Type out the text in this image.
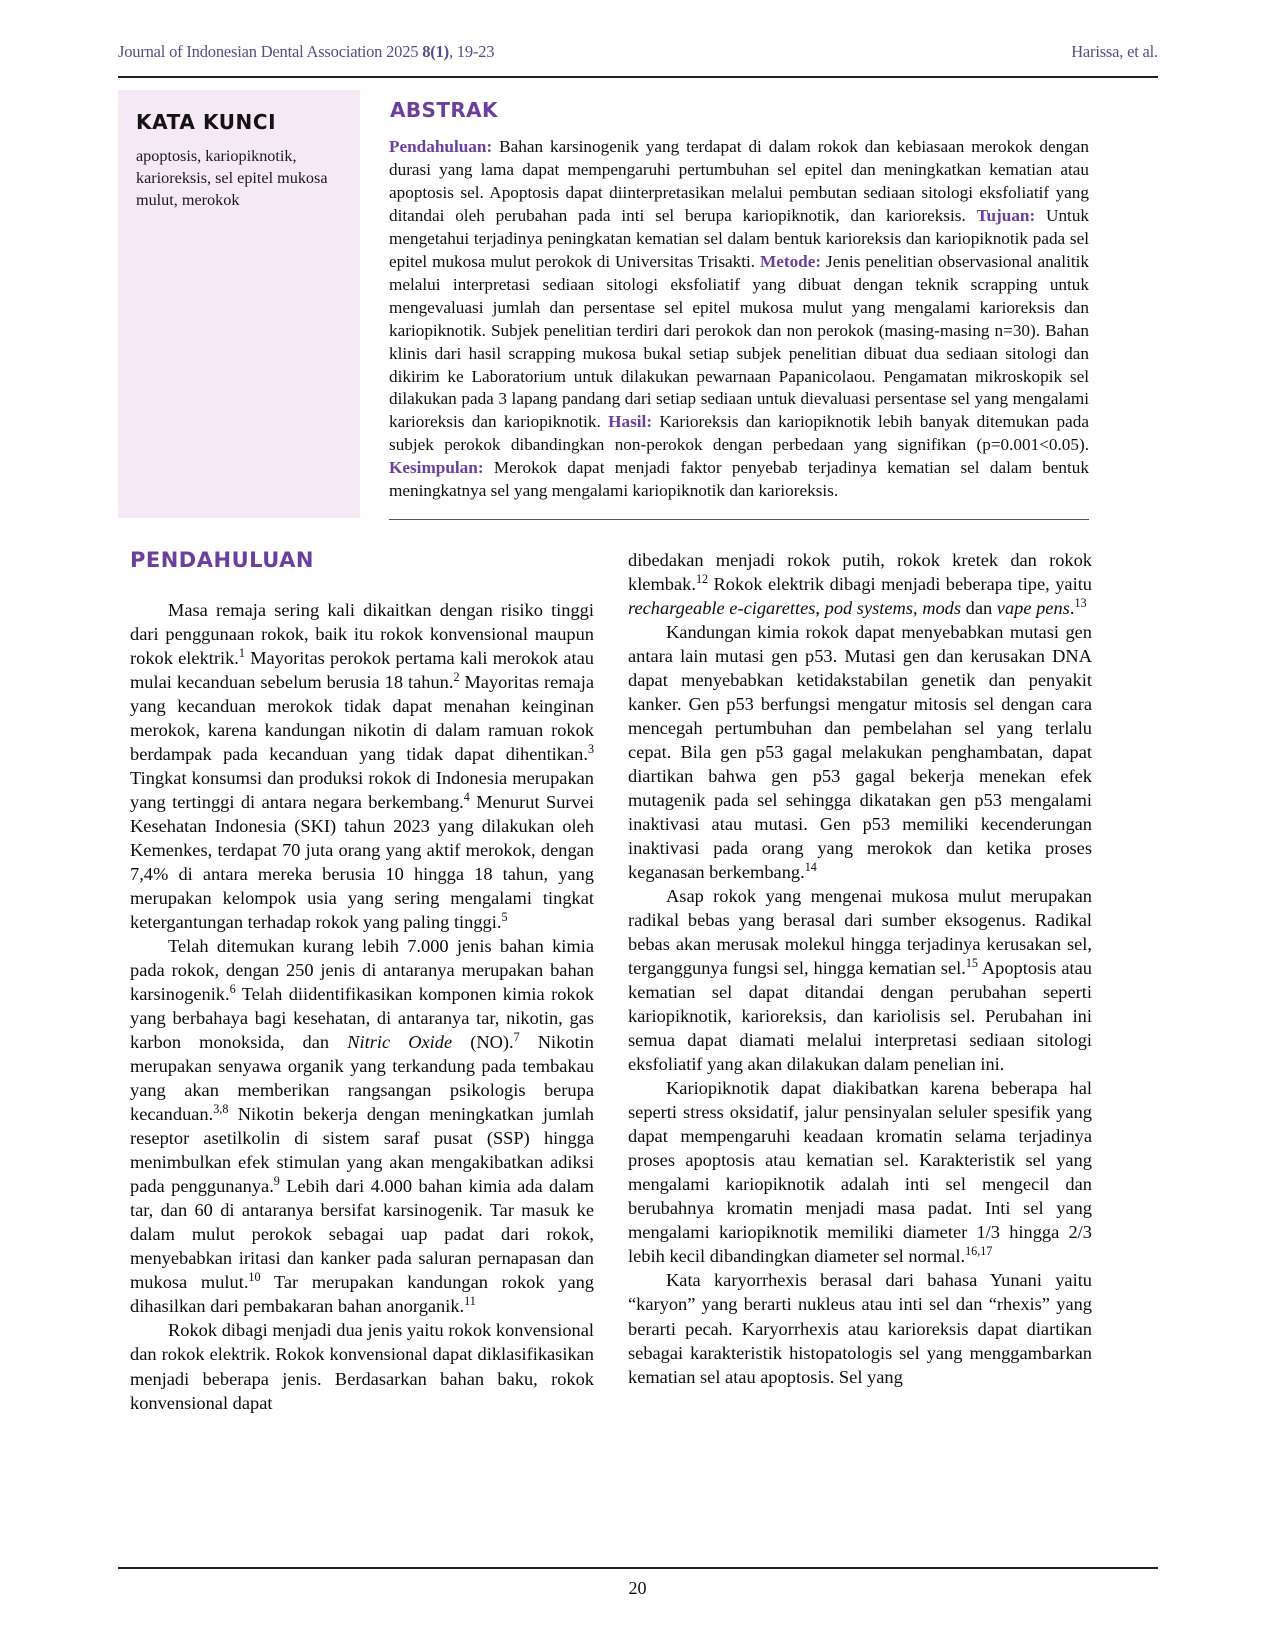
Journal of Indonesian Dental Association 2025 8(1), 19-23	Harissa, et al.
KATA KUNCI
apoptosis, kariopiknotik, karioreksis, sel epitel mukosa mulut, merokok
ABSTRAK
Pendahuluan: Bahan karsinogenik yang terdapat di dalam rokok dan kebiasaan merokok dengan durasi yang lama dapat mempengaruhi pertumbuhan sel epitel dan meningkatkan kematian atau apoptosis sel. Apoptosis dapat diinterpretasikan melalui pembutan sediaan sitologi eksfoliatif yang ditandai oleh perubahan pada inti sel berupa kariopiknotik, dan karioreksis. Tujuan: Untuk mengetahui terjadinya peningkatan kematian sel dalam bentuk karioreksis dan kariopiknotik pada sel epitel mukosa mulut perokok di Universitas Trisakti. Metode: Jenis penelitian observasional analitik melalui interpretasi sediaan sitologi eksfoliatif yang dibuat dengan teknik scrapping untuk mengevaluasi jumlah dan persentase sel epitel mukosa mulut yang mengalami karioreksis dan kariopiknotik. Subjek penelitian terdiri dari perokok dan non perokok (masing-masing n=30). Bahan klinis dari hasil scrapping mukosa bukal setiap subjek penelitian dibuat dua sediaan sitologi dan dikirim ke Laboratorium untuk dilakukan pewarnaan Papanicolaou. Pengamatan mikroskopik sel dilakukan pada 3 lapang pandang dari setiap sediaan untuk dievaluasi persentase sel yang mengalami karioreksis dan kariopiknotik. Hasil: Karioreksis dan kariopiknotik lebih banyak ditemukan pada subjek perokok dibandingkan non-perokok dengan perbedaan yang signifikan (p=0.001<0.05). Kesimpulan: Merokok dapat menjadi faktor penyebab terjadinya kematian sel dalam bentuk meningkatnya sel yang mengalami kariopiknotik dan karioreksis.
PENDAHULUAN

Masa remaja sering kali dikaitkan dengan risiko tinggi dari penggunaan rokok, baik itu rokok konvensional maupun rokok elektrik.$^1$ Mayoritas perokok pertama kali merokok atau mulai kecanduan sebelum berusia 18 tahun.$^2$ Mayoritas remaja yang kecanduan merokok tidak dapat menahan keinginan merokok, karena kandungan nikotin di dalam ramuan rokok berdampak pada kecanduan yang tidak dapat dihentikan.$^3$ Tingkat konsumsi dan produksi rokok di Indonesia merupakan yang tertinggi di antara negara berkembang.$^4$ Menurut Survei Kesehatan Indonesia (SKI) tahun 2023 yang dilakukan oleh Kemenkes, terdapat 70 juta orang yang aktif merokok, dengan 7,4% di antara mereka berusia 10 hingga 18 tahun, yang merupakan kelompok usia yang sering mengalami tingkat ketergantungan terhadap rokok yang paling tinggi.$^5$

Telah ditemukan kurang lebih 7.000 jenis bahan kimia pada rokok, dengan 250 jenis di antaranya merupakan bahan karsinogenik.$^6$ Telah diidentifikasikan komponen kimia rokok yang berbahaya bagi kesehatan, di antaranya tar, nikotin, gas karbon monoksida, dan Nitric Oxide (NO).$^7$ Nikotin merupakan senyawa organik yang terkandung pada tembakau yang akan memberikan rangsangan psikologis berupa kecanduan.$^{3,8}$ Nikotin bekerja dengan meningkatkan jumlah reseptor asetilkolin di sistem saraf pusat (SSP) hingga menimbulkan efek stimulan yang akan mengakibatkan adiksi pada penggunanya.$^9$ Lebih dari 4.000 bahan kimia ada dalam tar, dan 60 di antaranya bersifat karsinogenik. Tar masuk ke dalam mulut perokok sebagai uap padat dari rokok, menyebabkan iritasi dan kanker pada saluran pernapasan dan mukosa mulut.$^{10}$ Tar merupakan kandungan rokok yang dihasilkan dari pembakaran bahan anorganik.$^{11}$

Rokok dibagi menjadi dua jenis yaitu rokok konvensional dan rokok elektrik. Rokok konvensional dapat diklasifikasikan menjadi beberapa jenis. Berdasarkan bahan baku, rokok konvensional dapat

dibedakan menjadi rokok putih, rokok kretek dan rokok klembak.$^{12}$ Rokok elektrik dibagi menjadi beberapa tipe, yaitu rechargeable e-cigarettes, pod systems, mods dan vape pens.$^{13}$

Kandungan kimia rokok dapat menyebabkan mutasi gen antara lain mutasi gen p53. Mutasi gen dan kerusakan DNA dapat menyebabkan ketidakstabilan genetik dan penyakit kanker. Gen p53 berfungsi mengatur mitosis sel dengan cara mencegah pertumbuhan dan pembelahan sel yang terlalu cepat. Bila gen p53 gagal melakukan penghambatan, dapat diartikan bahwa gen p53 gagal bekerja menekan efek mutagenik pada sel sehingga dikatakan gen p53 mengalami inaktivasi atau mutasi. Gen p53 memiliki kecenderungan inaktivasi pada orang yang merokok dan ketika proses keganasan berkembang.$^{14}$

Asap rokok yang mengenai mukosa mulut merupakan radikal bebas yang berasal dari sumber eksogenus. Radikal bebas akan merusak molekul hingga terjadinya kerusakan sel, terganggunya fungsi sel, hingga kematian sel.$^{15}$ Apoptosis atau kematian sel dapat ditandai dengan perubahan seperti kariopiknotik, karioreksis, dan kariolisis sel. Perubahan ini semua dapat diamati melalui interpretasi sediaan sitologi eksfoliatif yang akan dilakukan dalam penelian ini.

Kariopiknotik dapat diakibatkan karena beberapa hal seperti stress oksidatif, jalur pensinyalan seluler spesifik yang dapat mempengaruhi keadaan kromatin selama terjadinya proses apoptosis atau kematian sel. Karakteristik sel yang mengalami kariopiknotik adalah inti sel mengecil dan berubahnya kromatin menjadi masa padat. Inti sel yang mengalami kariopiknotik memiliki diameter 1/3 hingga 2/3 lebih kecil dibandingkan diameter sel normal.$^{16,17}$

Kata karyorrhexis berasal dari bahasa Yunani yaitu “karyon” yang berarti nukleus atau inti sel dan “rhexis” yang berarti pecah. Karyorrhexis atau karioreksis dapat diartikan sebagai karakteristik histopatologis sel yang menggambarkan kematian sel atau apoptosis. Sel yang

20
